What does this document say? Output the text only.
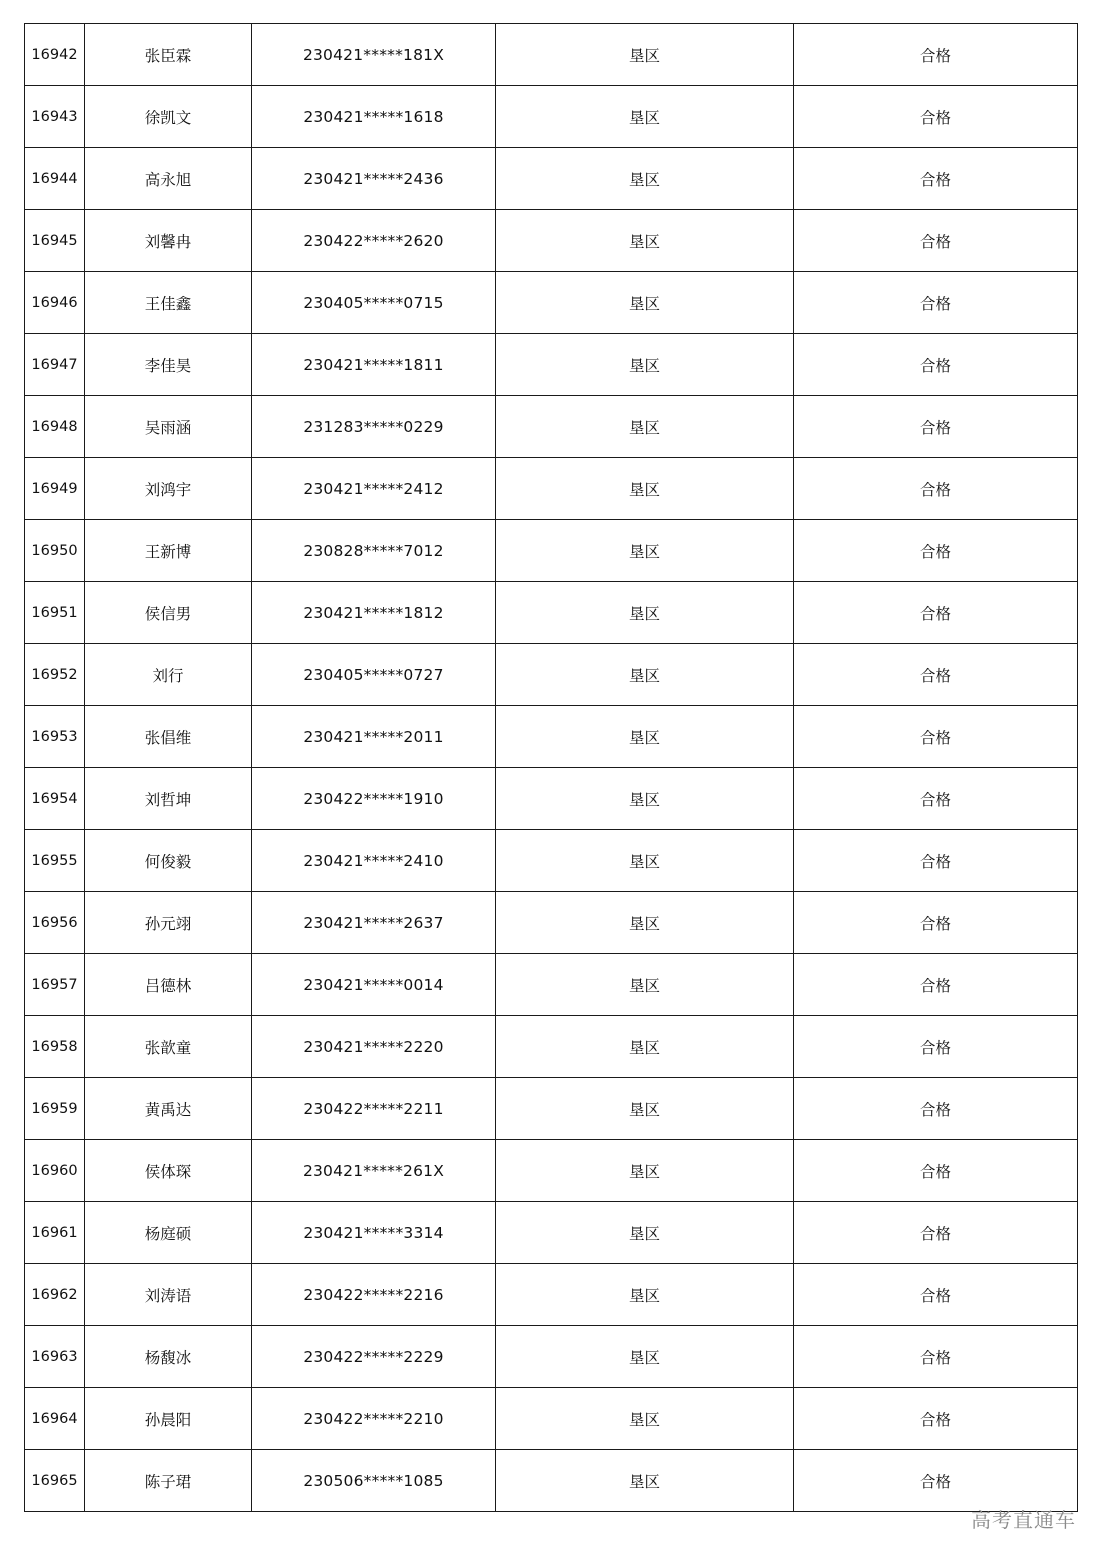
16942	张臣霖	230421*****181X	垦区	合格
16943	徐凯文	230421*****1618	垦区	合格
16944	高永旭	230421*****2436	垦区	合格
16945	刘馨冉	230422*****2620	垦区	合格
16946	王佳鑫	230405*****0715	垦区	合格
16947	李佳昊	230421*****1811	垦区	合格
16948	吴雨涵	231283*****0229	垦区	合格
16949	刘鸿宇	230421*****2412	垦区	合格
16950	王新博	230828*****7012	垦区	合格
16951	侯信男	230421*****1812	垦区	合格
16952	刘行	230405*****0727	垦区	合格
16953	张倡维	230421*****2011	垦区	合格
16954	刘哲坤	230422*****1910	垦区	合格
16955	何俊毅	230421*****2410	垦区	合格
16956	孙元翊	230421*****2637	垦区	合格
16957	吕德林	230421*****0014	垦区	合格
16958	张歆童	230421*****2220	垦区	合格
16959	黄禹达	230422*****2211	垦区	合格
16960	侯体琛	230421*****261X	垦区	合格
16961	杨庭硕	230421*****3314	垦区	合格
16962	刘涛语	230422*****2216	垦区	合格
16963	杨馥冰	230422*****2229	垦区	合格
16964	孙晨阳	230422*****2210	垦区	合格
16965	陈子珺	230506*****1085	垦区	合格
高考直通车
